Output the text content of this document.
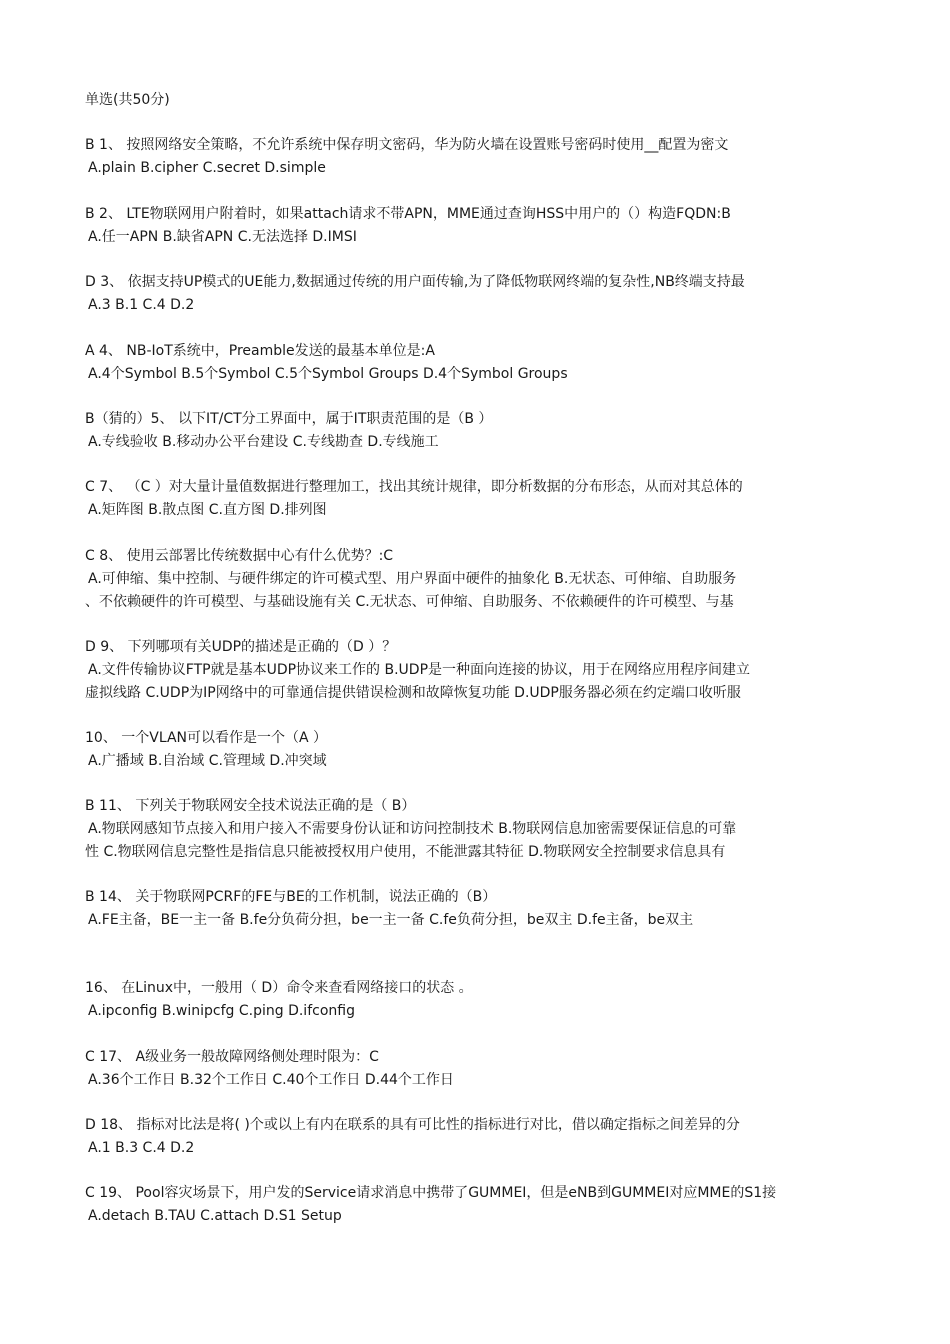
单选(共50分)
B 1、 按照网络安全策略，不允许系统中保存明文密码，华为防火墙在设置账号密码时使用__配置为密文
A.plain B.cipher C.secret D.simple
B 2、 LTE物联网用户附着时，如果attach请求不带APN，MME通过查询HSS中用户的（）构造FQDN:B
A.任一APN B.缺省APN C.无法选择 D.IMSI
D 3、 依据支持UP模式的UE能力,数据通过传统的用户面传输,为了降低物联网终端的复杂性,NB终端支持最
A.3 B.1 C.4 D.2
A 4、 NB-IoT系统中，Preamble发送的最基本单位是:A
A.4个Symbol B.5个Symbol C.5个Symbol Groups D.4个Symbol Groups
B（猜的）5、 以下IT/CT分工界面中，属于IT职责范围的是（B ）
A.专线验收 B.移动办公平台建设 C.专线勘查 D.专线施工
C 7、 （C ）对大量计量值数据进行整理加工，找出其统计规律，即分析数据的分布形态，从而对其总体的
A.矩阵图 B.散点图 C.直方图 D.排列图
C 8、 使用云部署比传统数据中心有什么优势？:C
A.可伸缩、集中控制、与硬件绑定的许可模式型、用户界面中硬件的抽象化 B.无状态、可伸缩、自助服务
、不依赖硬件的许可模型、与基础设施有关 C.无状态、可伸缩、自助服务、不依赖硬件的许可模型、与基
D 9、 下列哪项有关UDP的描述是正确的（D ）？
A.文件传输协议FTP就是基本UDP协议来工作的 B.UDP是一种面向连接的协议，用于在网络应用程序间建立
虚拟线路 C.UDP为IP网络中的可靠通信提供错误检测和故障恢复功能 D.UDP服务器必须在约定端口收听服
10、 一个VLAN可以看作是一个（A ）
A.广播域 B.自治域 C.管理域 D.冲突域
B 11、 下列关于物联网安全技术说法正确的是（ B）
A.物联网感知节点接入和用户接入不需要身份认证和访问控制技术 B.物联网信息加密需要保证信息的可靠
性 C.物联网信息完整性是指信息只能被授权用户使用，不能泄露其特征 D.物联网安全控制要求信息具有
B 14、 关于物联网PCRF的FE与BE的工作机制，说法正确的（B）
A.FE主备，BE一主一备 B.fe分负荷分担，be一主一备 C.fe负荷分担，be双主 D.fe主备，be双主
16、 在Linux中，一般用（ D）命令来查看网络接口的状态 。
A.ipconfig B.winipcfg C.ping D.ifconfig
C 17、 A级业务一般故障网络侧处理时限为：C
A.36个工作日 B.32个工作日 C.40个工作日 D.44个工作日
D 18、 指标对比法是将( )个或以上有内在联系的具有可比性的指标进行对比，借以确定指标之间差异的分
A.1 B.3 C.4 D.2
C 19、 Pool容灾场景下，用户发的Service请求消息中携带了GUMMEI，但是eNB到GUMMEI对应MME的S1接
A.detach B.TAU C.attach D.S1 Setup
